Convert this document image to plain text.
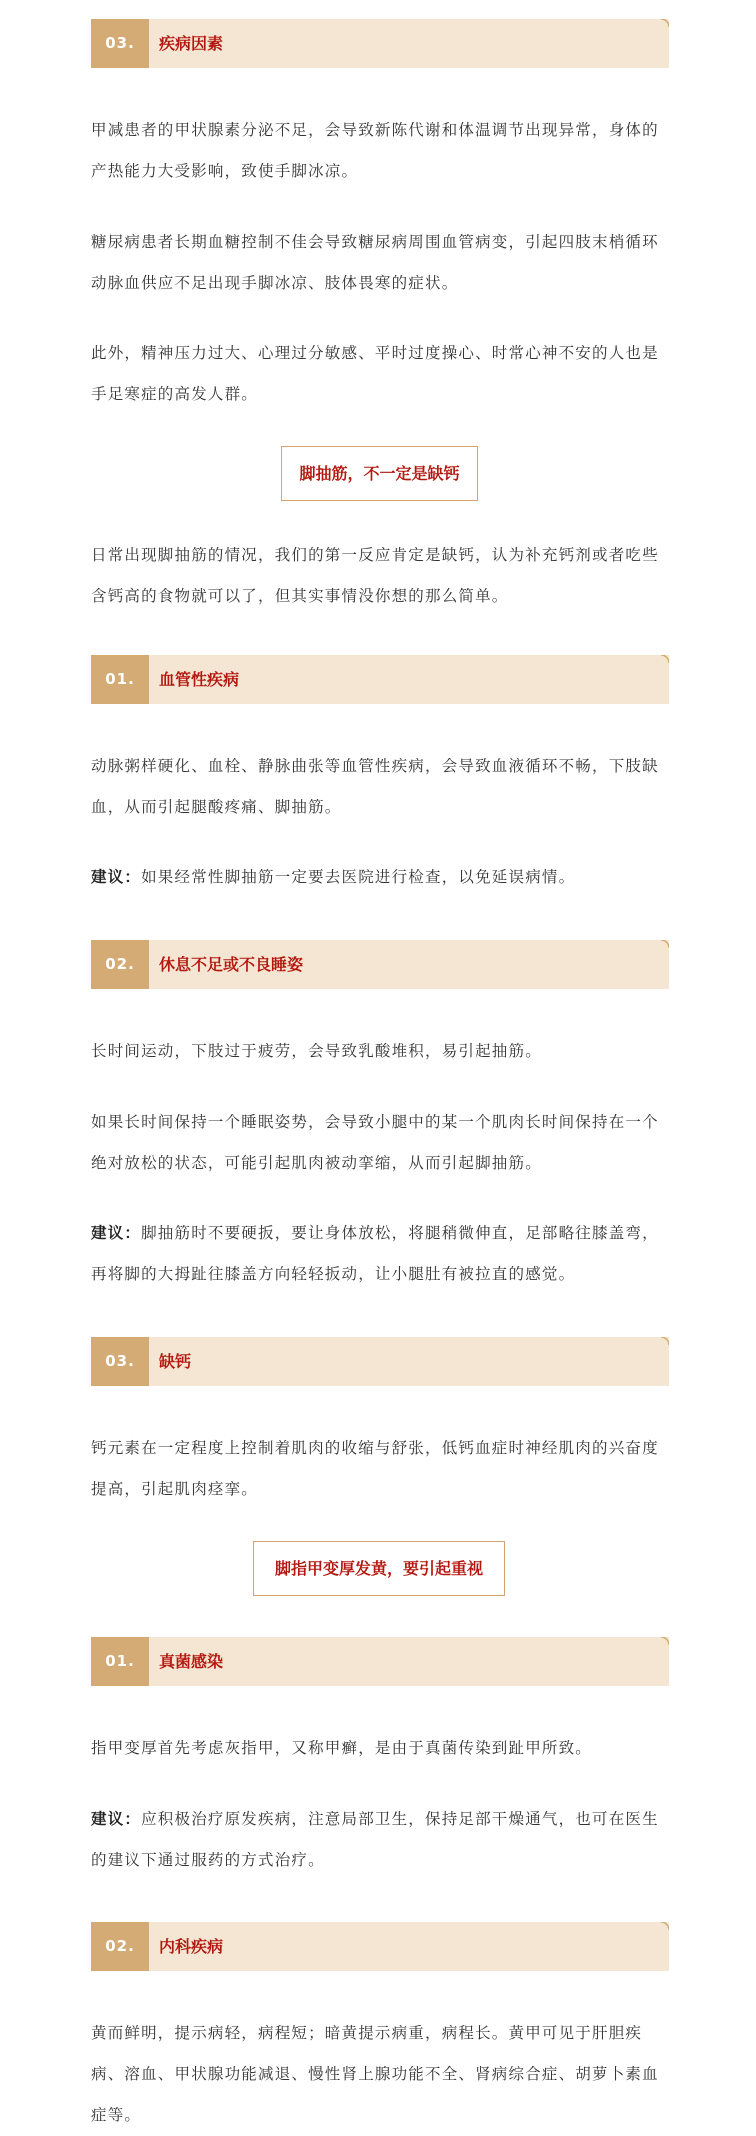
03.	疾病因素

甲减患者的甲状腺素分泌不足，会导致新陈代谢和体温调节出现异常，身体的产热能力大受影响，致使手脚冰凉。

糖尿病患者长期血糖控制不佳会导致糖尿病周围血管病变，引起四肢末梢循环动脉血供应不足出现手脚冰凉、肢体畏寒的症状。

此外，精神压力过大、心理过分敏感、平时过度操心、时常心神不安的人也是手足寒症的高发人群。

脚抽筋，不一定是缺钙

日常出现脚抽筋的情况，我们的第一反应肯定是缺钙，认为补充钙剂或者吃些含钙高的食物就可以了，但其实事情没你想的那么简单。

01.	血管性疾病

动脉粥样硬化、血栓、静脉曲张等血管性疾病，会导致血液循环不畅，下肢缺血，从而引起腿酸疼痛、脚抽筋。

建议：如果经常性脚抽筋一定要去医院进行检查，以免延误病情。

02.	休息不足或不良睡姿

长时间运动，下肢过于疲劳，会导致乳酸堆积，易引起抽筋。

如果长时间保持一个睡眠姿势，会导致小腿中的某一个肌肉长时间保持在一个绝对放松的状态，可能引起肌肉被动挛缩，从而引起脚抽筋。

建议：脚抽筋时不要硬扳，要让身体放松，将腿稍微伸直，足部略往膝盖弯，再将脚的大拇趾往膝盖方向轻轻扳动，让小腿肚有被拉直的感觉。

03.	缺钙

钙元素在一定程度上控制着肌肉的收缩与舒张，低钙血症时神经肌肉的兴奋度提高，引起肌肉痉挛。

脚指甲变厚发黄，要引起重视
01.	真菌感染

指甲变厚首先考虑灰指甲，又称甲癣，是由于真菌传染到趾甲所致。

建议：应积极治疗原发疾病，注意局部卫生，保持足部干燥通气，也可在医生的建议下通过服药的方式治疗。

02.	内科疾病

黄而鲜明，提示病轻，病程短；暗黄提示病重，病程长。黄甲可见于肝胆疾病、溶血、甲状腺功能减退、慢性肾上腺功能不全、肾病综合症、胡萝卜素血症等。
